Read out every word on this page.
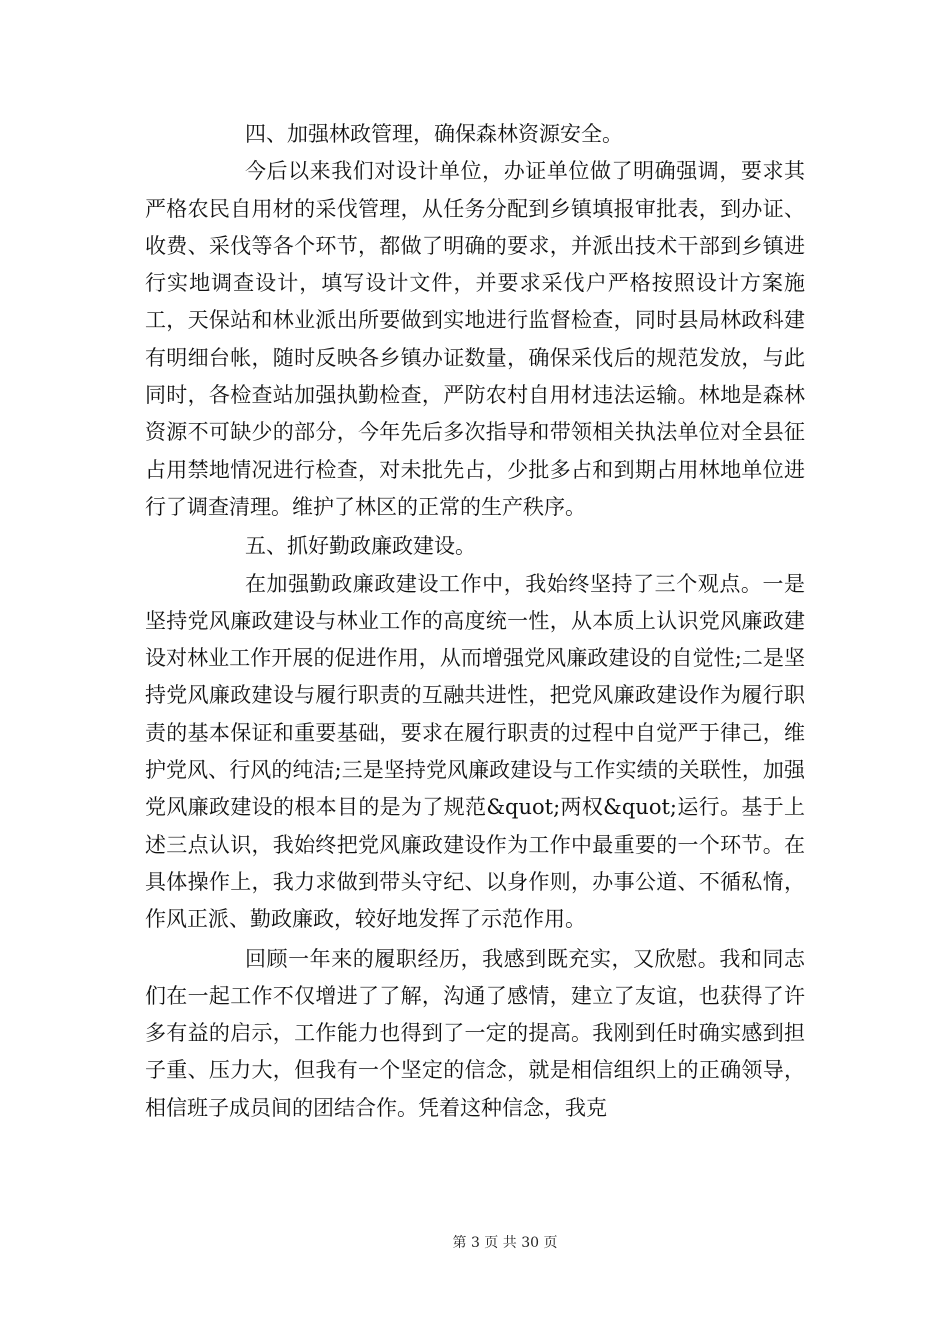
四、加强林政管理，确保森林资源安全。

今后以来我们对设计单位，办证单位做了明确强调，要求其严格农民自用材的采伐管理，从任务分配到乡镇填报审批表，到办证、收费、采伐等各个环节，都做了明确的要求，并派出技术干部到乡镇进行实地调查设计，填写设计文件，并要求采伐户严格按照设计方案施工，天保站和林业派出所要做到实地进行监督检查，同时县局林政科建有明细台帐，随时反映各乡镇办证数量，确保采伐后的规范发放，与此同时，各检查站加强执勤检查，严防农村自用材违法运输。林地是森林资源不可缺少的部分，今年先后多次指导和带领相关执法单位对全县征占用禁地情况进行检查，对未批先占，少批多占和到期占用林地单位进行了调查清理。维护了林区的正常的生产秩序。

五、抓好勤政廉政建设。

在加强勤政廉政建设工作中，我始终坚持了三个观点。一是坚持党风廉政建设与林业工作的高度统一性，从本质上认识党风廉政建设对林业工作开展的促进作用，从而增强党风廉政建设的自觉性;二是坚持党风廉政建设与履行职责的互融共进性，把党风廉政建设作为履行职责的基本保证和重要基础，要求在履行职责的过程中自觉严于律己，维护党风、行风的纯洁;三是坚持党风廉政建设与工作实绩的关联性，加强党风廉政建设的根本目的是为了规范&quot;两权&quot;运行。基于上述三点认识，我始终把党风廉政建设作为工作中最重要的一个环节。在具体操作上，我力求做到带头守纪、以身作则，办事公道、不循私惰，作风正派、勤政廉政，较好地发挥了示范作用。

回顾一年来的履职经历，我感到既充实，又欣慰。我和同志们在一起工作不仅增进了了解，沟通了感情，建立了友谊，也获得了许多有益的启示，工作能力也得到了一定的提高。我刚到任时确实感到担子重、压力大，但我有一个坚定的信念，就是相信组织上的正确领导，相信班子成员间的团结合作。凭着这种信念，我克

第 3 页 共 30 页
